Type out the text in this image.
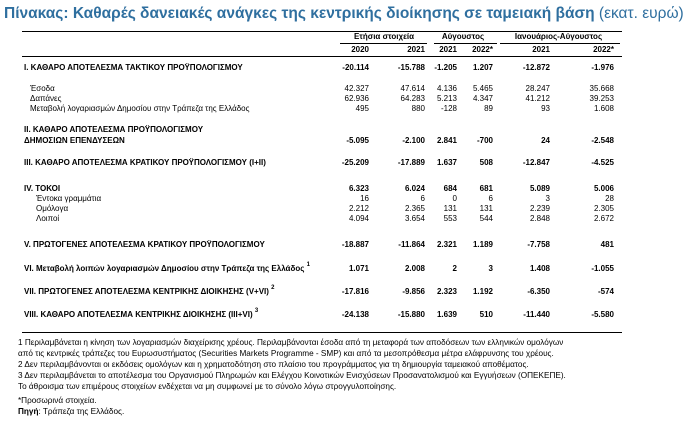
Πίνακας: Καθαρές δανειακές ανάγκες της κεντρικής διοίκησης σε ταμειακή βάση (εκατ. ευρώ)
Ετήσια στοιχεία	Αύγουστος	Ιανουάριος-Αύγουστος
2020	2021	2021	2022*	2021	2022*
I. ΚΑΘΑΡΟ ΑΠΟΤΕΛΕΣΜΑ ΤΑΚΤΙΚΟΥ ΠΡΟΫΠΟΛΟΓΙΣΜΟΥ	-20.114	-15.788	-1.205	1.207	-12.872	-1.976
Έσοδα	42.327	47.614	4.136	5.465	28.247	35.668
Δαπάνες	62.936	64.283	5.213	4.347	41.212	39.253
Μεταβολή λογαριασμών Δημοσίου στην Τράπεζα της Ελλάδος	495	880	-128	89	93	1.608
II. ΚΑΘΑΡΟ ΑΠΟΤΕΛΕΣΜΑ ΠΡΟΫΠΟΛΟΓΙΣΜΟΥ
ΔΗΜΟΣΙΩΝ ΕΠΕΝΔΥΣΕΩΝ	-5.095	-2.100	2.841	-700	24	-2.548
III. ΚΑΘΑΡΟ ΑΠΟΤΕΛΕΣΜΑ ΚΡΑΤΙΚΟΥ ΠΡΟΫΠΟΛΟΓΙΣΜΟΥ (I+II)	-25.209	-17.889	1.637	508	-12.847	-4.525
IV. ΤΟΚΟΙ	6.323	6.024	684	681	5.089	5.006
Έντοκα γραμμάτια	16	6	0	6	3	28
Ομόλογα	2.212	2.365	131	131	2.239	2.305
Λοιποί	4.094	3.654	553	544	2.848	2.672
V. ΠΡΩΤΟΓΕΝΕΣ ΑΠΟΤΕΛΕΣΜΑ ΚΡΑΤΙΚΟΥ ΠΡΟΫΠΟΛΟΓΙΣΜΟΥ	-18.887	-11.864	2.321	1.189	-7.758	481
VI. Μεταβολή λοιπών λογαριασμών Δημοσίου στην Τράπεζα της Ελλάδος $^1$	1.071	2.008	2	3	1.408	-1.055
VII. ΠΡΩΤΟΓΕΝΕΣ ΑΠΟΤΕΛΕΣΜΑ ΚΕΝΤΡΙΚΗΣ ΔΙΟΙΚΗΣΗΣ (V+VI) $^2$	-17.816	-9.856	2.323	1.192	-6.350	-574
VIII. ΚΑΘΑΡΟ ΑΠΟΤΕΛΕΣΜΑ ΚΕΝΤΡΙΚΗΣ ΔΙΟΙΚΗΣΗΣ (III+VI) $^3$	-24.138	-15.880	1.639	510	-11.440	-5.580
1 Περιλαμβάνεται η κίνηση των λογαριασμών διαχείρισης χρέους. Περιλαμβάνονται έσοδα από τη μεταφορά των αποδόσεων των ελληνικών ομολόγων
από τις κεντρικές τράπεζες του Ευρωσυστήματος (Securities Markets Programme - SMP) και από τα μεσοπρόθεσμα μέτρα ελάφρυνσης του χρέους.
2 Δεν περιλαμβάνονται οι εκδόσεις ομολόγων και η χρηματοδότηση στο πλαίσιο του προγράμματος για τη δημιουργία ταμειακού αποθέματος.
3 Δεν περιλαμβάνεται το αποτέλεσμα του Οργανισμού Πληρωμών και Ελέγχου Κοινοτικών Ενισχύσεων Προσανατολισμού και Εγγυήσεων (ΟΠΕΚΕΠΕ).
Το άθροισμα των επιμέρους στοιχείων ενδέχεται να μη συμφωνεί με το σύνολο λόγω στρογγυλοποίησης.
*Προσωρινά στοιχεία.
Πηγή: Τράπεζα της Ελλάδος.
